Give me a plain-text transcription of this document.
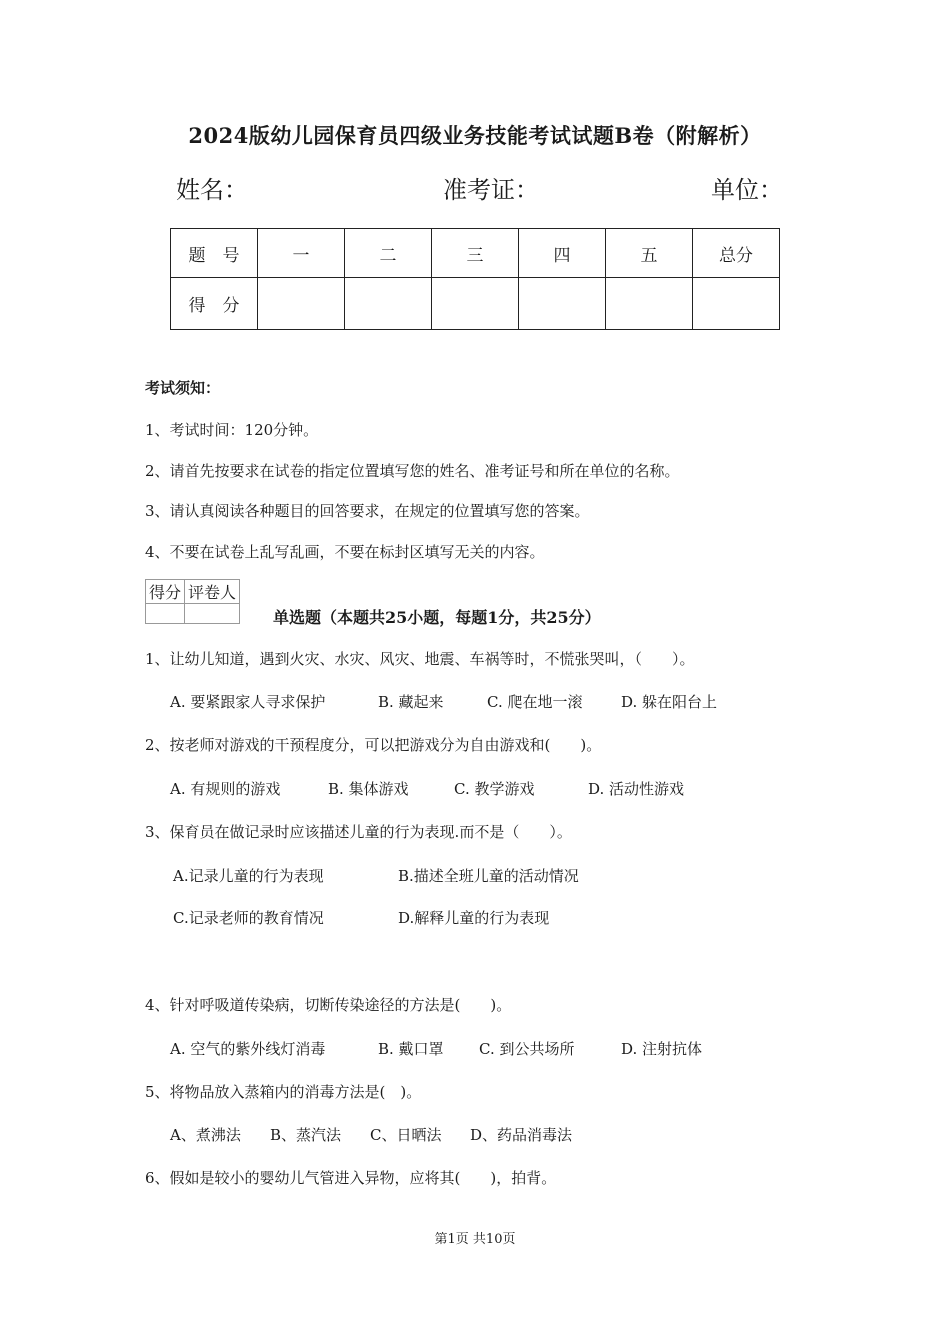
2024版幼儿园保育员四级业务技能考试试题B卷（附解析）
姓名：	准考证：	单位：
题　号	一	二	三	四	五	总分
得　分						
考试须知：
1、考试时间：120分钟。
2、请首先按要求在试卷的指定位置填写您的姓名、准考证号和所在单位的名称。
3、请认真阅读各种题目的回答要求，在规定的位置填写您的答案。
4、不要在试卷上乱写乱画，不要在标封区填写无关的内容。
得分	评卷人

单选题（本题共25小题，每题1分，共25分）
1、让幼儿知道，遇到火灾、水灾、风灾、地震、车祸等时，不慌张哭叫，（　　）。
A. 要紧跟家人寻求保护	B. 藏起来	C. 爬在地一滚	D. 躲在阳台上
2、按老师对游戏的干预程度分，可以把游戏分为自由游戏和(　　)。
A. 有规则的游戏	B. 集体游戏	C. 教学游戏	D. 活动性游戏
3、保育员在做记录时应该描述儿童的行为表现.而不是（　　）。
A.记录儿童的行为表现	B.描述全班儿童的活动情况
C.记录老师的教育情况	D.解释儿童的行为表现
4、针对呼吸道传染病，切断传染途径的方法是(　　)。
A. 空气的紫外线灯消毒	B. 戴口罩 C. 到公共场所	D. 注射抗体
5、将物品放入蒸箱内的消毒方法是(　)。
A、煮沸法 B、蒸汽法 C、日晒法 D、药品消毒法
6、假如是较小的婴幼儿气管进入异物，应将其(　　)，拍背。
第1页 共10页
